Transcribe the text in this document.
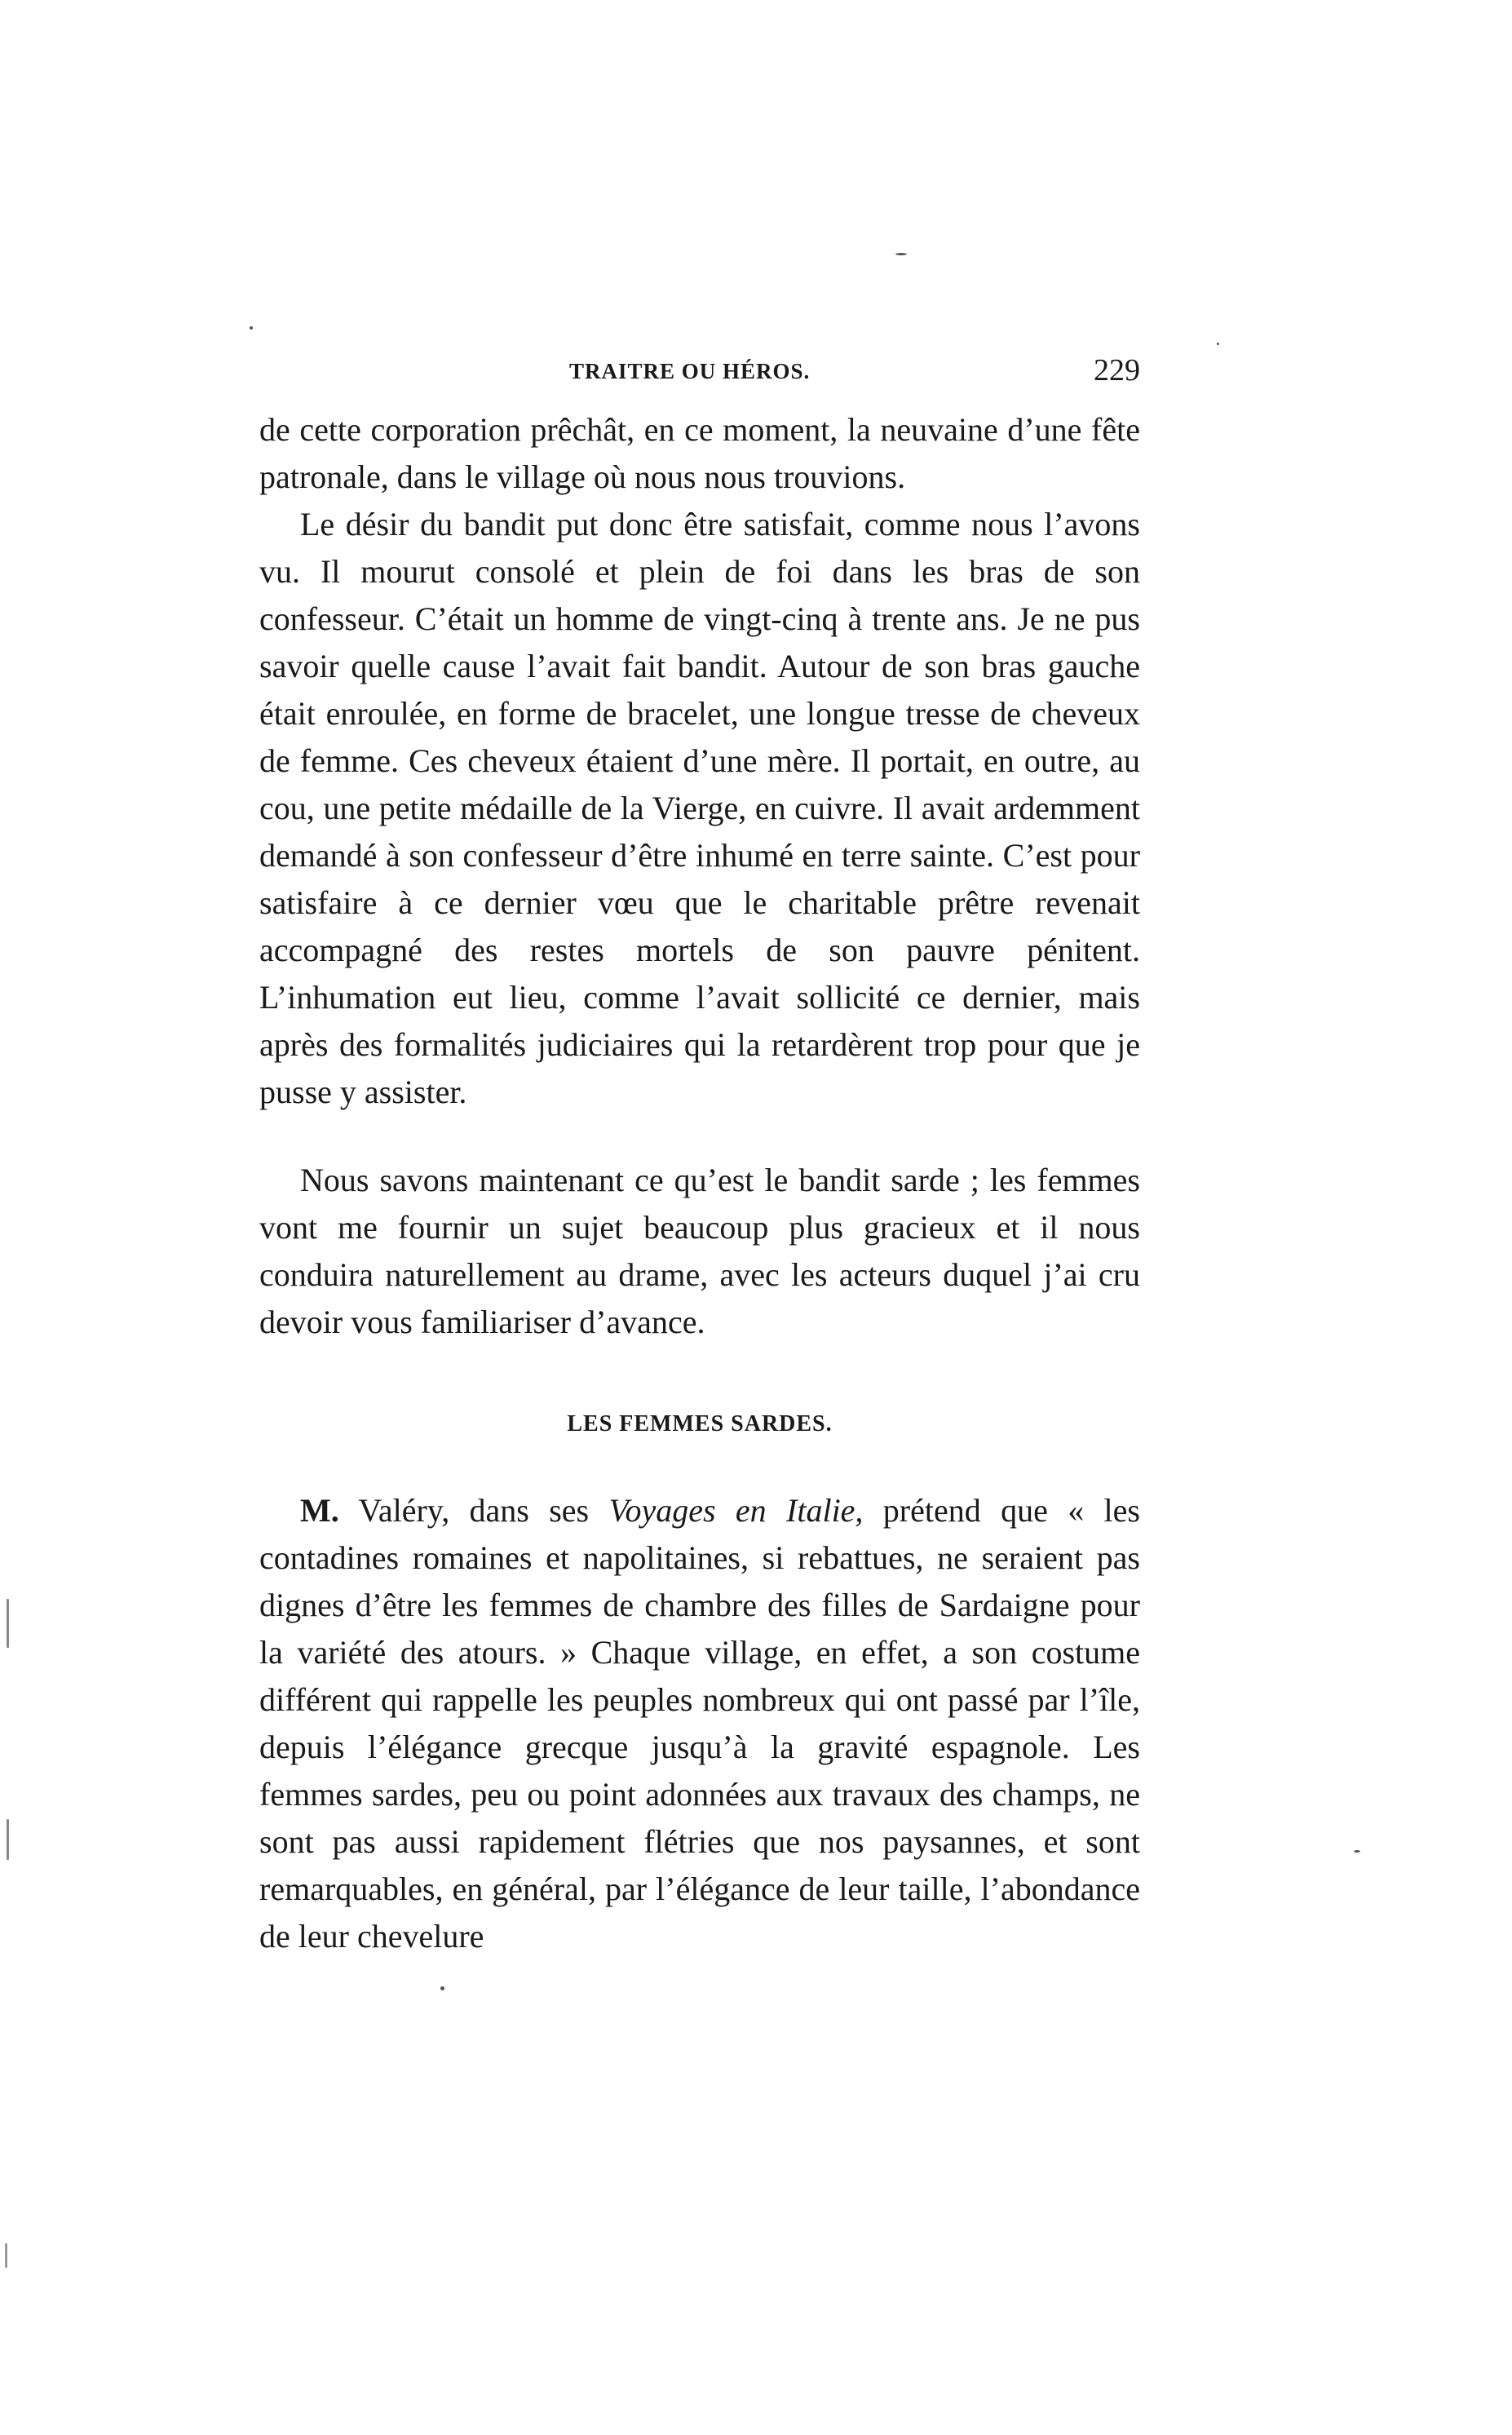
TRAITRE OU HÉROS.	229

de cette corporation prêchât, en ce moment, la neuvaine d’une fête patronale, dans le village où nous nous trouvions.

Le désir du bandit put donc être satisfait, comme nous l’avons vu. Il mourut consolé et plein de foi dans les bras de son confesseur. C’était un homme de vingt-cinq à trente ans. Je ne pus savoir quelle cause l’avait fait bandit. Autour de son bras gauche était enroulée, en forme de bracelet, une longue tresse de cheveux de femme. Ces cheveux étaient d’une mère. Il portait, en outre, au cou, une petite médaille de la Vierge, en cuivre. Il avait ardemment demandé à son confesseur d’être inhumé en terre sainte. C’est pour satisfaire à ce dernier vœu que le charitable prêtre revenait accompagné des restes mortels de son pauvre pénitent. L’inhumation eut lieu, comme l’avait sollicité ce dernier, mais après des formalités judiciaires qui la retardèrent trop pour que je pusse y assister.

Nous savons maintenant ce qu’est le bandit sarde ; les femmes vont me fournir un sujet beaucoup plus gracieux et il nous conduira naturellement au drame, avec les acteurs duquel j’ai cru devoir vous familiariser d’avance.

LES FEMMES SARDES.

M. Valéry, dans ses Voyages en Italie, prétend que « les contadines romaines et napolitaines, si rebattues, ne seraient pas dignes d’être les femmes de chambre des filles de Sardaigne pour la variété des atours. » Chaque village, en effet, a son costume différent qui rappelle les peuples nombreux qui ont passé par l’île, depuis l’élégance grecque jusqu’à la gravité espagnole. Les femmes sardes, peu ou point adonnées aux travaux des champs, ne sont pas aussi rapidement flétries que nos paysannes, et sont remarquables, en général, par l’élégance de leur taille, l’abondance de leur chevelure
